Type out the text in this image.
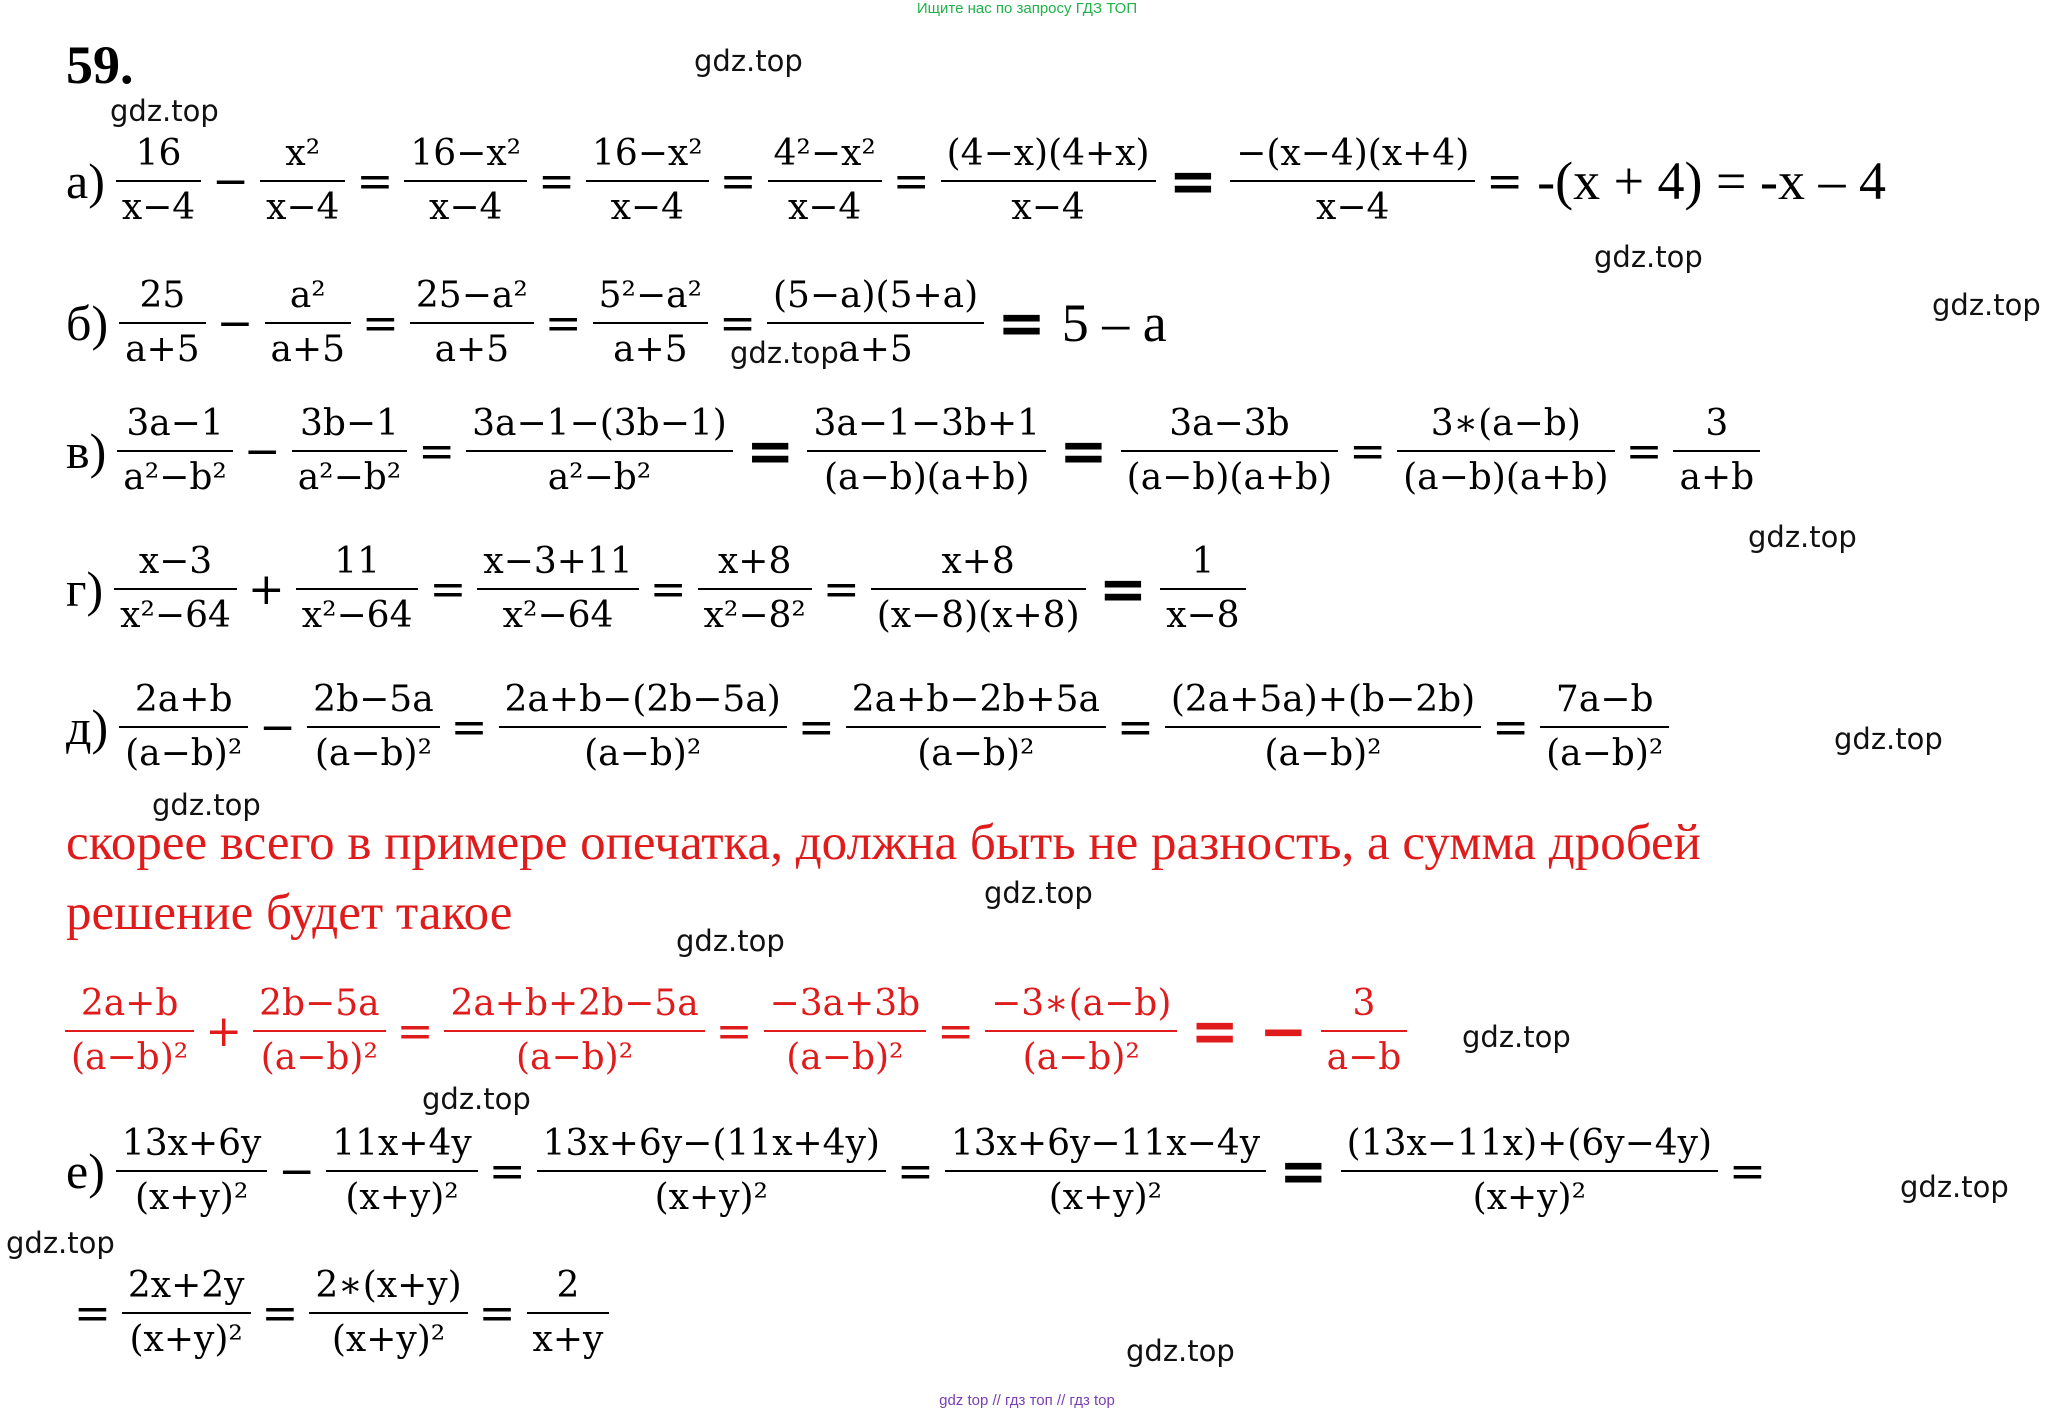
Ищите нас по запросу ГДЗ ТОП
59.
$а) \frac{16}{x-4} - \frac{\text{x²}}{x-4} = \frac{\text{16−x²}}{x-4} = \frac{\text{16−x²}}{x-4} = \frac{\text{4²−x²}}{x-4} = \frac{(4-x)(4+x)}{x-4} = \frac{-(x-4)(x+4)}{x-4} = -(x + 4) = -x - 4$
$б) \frac{25}{a+5} - \frac{\text{a²}}{a+5} = \frac{\text{25−a²}}{a+5} = \frac{\text{5²−a²}}{a+5} = \frac{(5-a)(5+a)}{a+5} = 5 - a$
$в) \frac{3a-1}{\text{a²−b²}} - \frac{3b-1}{\text{a²−b²}} = \frac{3a-1-(3b-1)}{\text{a²−b²}} = \frac{3a-1-3b+1}{(a-b)(a+b)} = \frac{3a-3b}{(a-b)(a+b)} = \frac{3∗(a-b)}{(a-b)(a+b)} = \frac{3}{a+b}$
$г) \frac{x-3}{\text{x²−64}} + \frac{11}{\text{x²−64}} = \frac{x-3+11}{\text{x²−64}} = \frac{x+8}{\text{x²−8²}} = \frac{x+8}{(x-8)(x+8)} = \frac{1}{x-8}$
$д) \frac{2a+b}{\text{(a−b)²}} - \frac{2b-5a}{\text{(a−b)²}} = \frac{2a+b-(2b-5a)}{\text{(a−b)²}} = \frac{2a+b-2b+5a}{\text{(a−b)²}} = \frac{(2a+5a)+(b-2b)}{\text{(a−b)²}} = \frac{7a-b}{\text{(a−b)²}}$
скорее всего в примере опечатка, должна быть не разность, а сумма дробей
решение будет такое
$\frac{2a+b}{\text{(a−b)²}} + \frac{2b-5a}{\text{(a−b)²}} = \frac{2a+b+2b-5a}{\text{(a−b)²}} = \frac{-3a+3b}{\text{(a−b)²}} = \frac{-3∗(a-b)}{\text{(a−b)²}}$ = − $\frac{3}{a-b}$
$е) \frac{13x+6y}{\text{(x+y)²}} - \frac{11x+4y}{\text{(x+y)²}} = \frac{13x+6y-(11x+4y)}{\text{(x+y)²}} = \frac{13x+6y-11x-4y}{\text{(x+y)²}} = \frac{(13x-11x)+(6y-4y)}{\text{(x+y)²}}$ =
= $\frac{2x+2y}{\text{(x+y)²}} = \frac{2∗(x+y)}{\text{(x+y)²}} = \frac{2}{x+y}$
gdz.top
gdz.top
gdz.top
gdz.top
gdz.top
gdz.top
gdz.top
gdz.top
gdz.top
gdz.top
gdz.top
gdz.top
gdz.top
gdz.top
gdz.top
gdz top // гдз топ // гдз top
